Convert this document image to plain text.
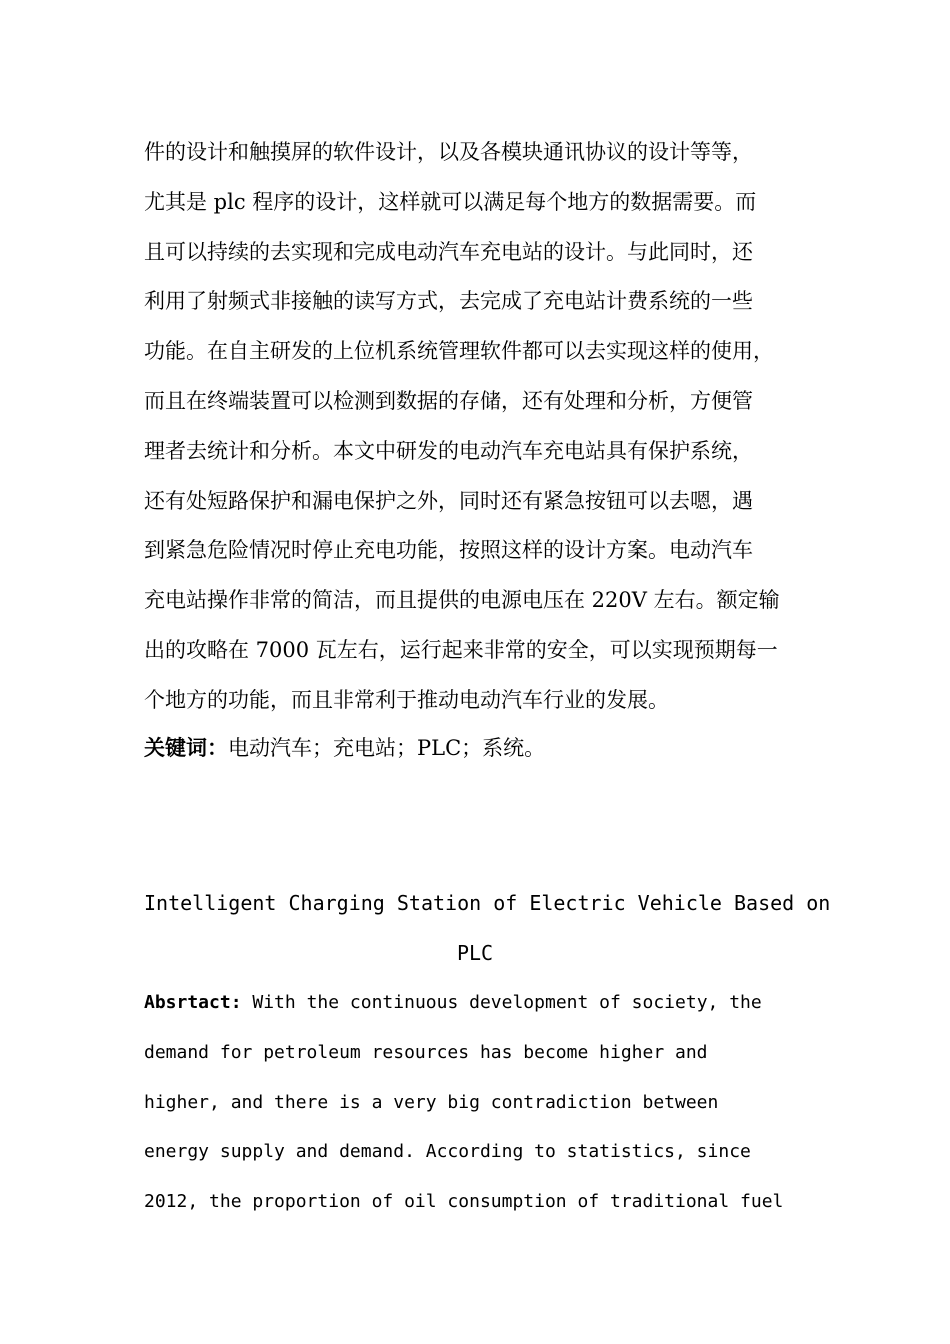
件的设计和触摸屏的软件设计，以及各模块通讯协议的设计等等，
尤其是 plc 程序的设计，这样就可以满足每个地方的数据需要。而
且可以持续的去实现和完成电动汽车充电站的设计。与此同时，还
利用了射频式非接触的读写方式，去完成了充电站计费系统的一些
功能。在自主研发的上位机系统管理软件都可以去实现这样的使用，
而且在终端装置可以检测到数据的存储，还有处理和分析，方便管
理者去统计和分析。本文中研发的电动汽车充电站具有保护系统，
还有处短路保护和漏电保护之外，同时还有紧急按钮可以去嗯，遇
到紧急危险情况时停止充电功能，按照这样的设计方案。电动汽车
充电站操作非常的简洁，而且提供的电源电压在 220V 左右。额定输
出的攻略在 7000 瓦左右，运行起来非常的安全，可以实现预期每一
个地方的功能，而且非常利于推动电动汽车行业的发展。

关键词：电动汽车；充电站；PLC；系统。

Intelligent Charging Station of Electric Vehicle Based on
PLC
Absrtact: With the continuous development of society, the
demand for petroleum resources has become higher and
higher, and there is a very big contradiction between
energy supply and demand. According to statistics, since
2012, the proportion of oil consumption of traditional fuel
